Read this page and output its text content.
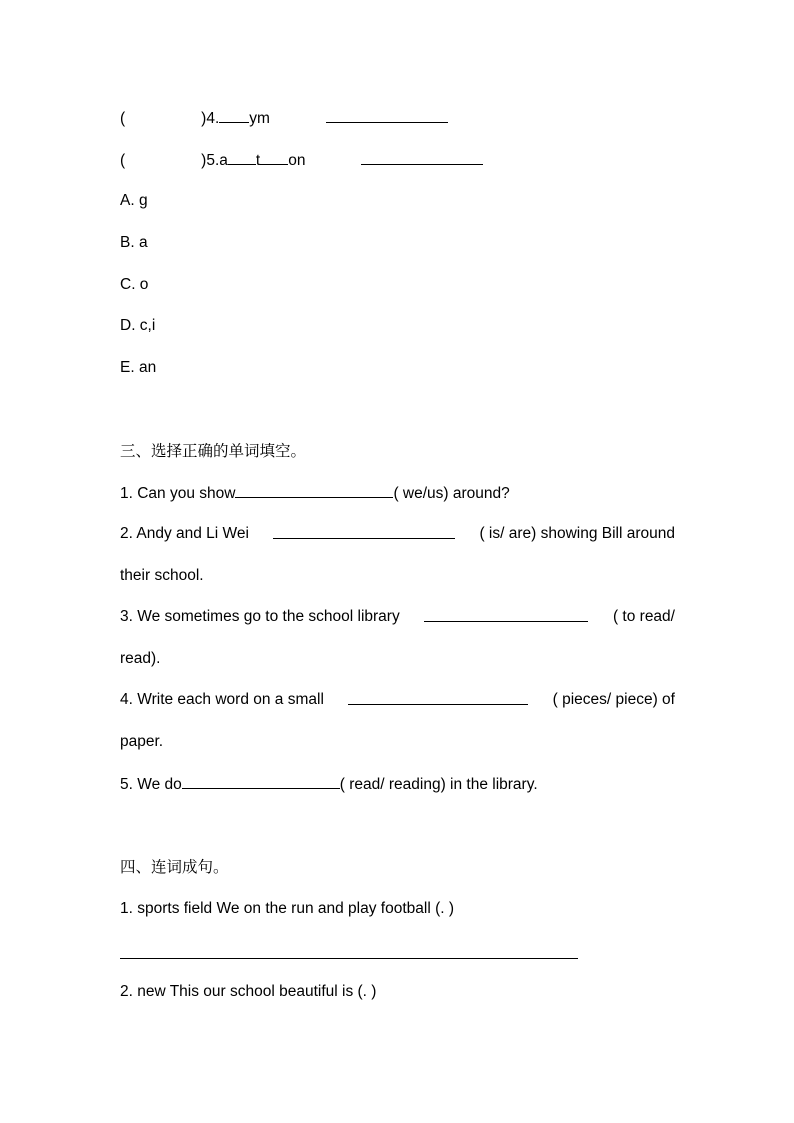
(	)4. ym
(	)5.a t on
A. g
B. a
C. o
D. c,i
E. an
三、选择正确的单词填空。
1. Can you show	( we/us) around?
2. Andy and Li Wei	( is/ are) showing Bill around
their school.
3. We sometimes go to the school library	( to read/
read).
4. Write each word on a small	( pieces/ piece) of
paper.
5. We do	( read/ reading) in the library.
四、连词成句。
1. sports field We on the run and play football (. )
2. new This our school beautiful is (. )
